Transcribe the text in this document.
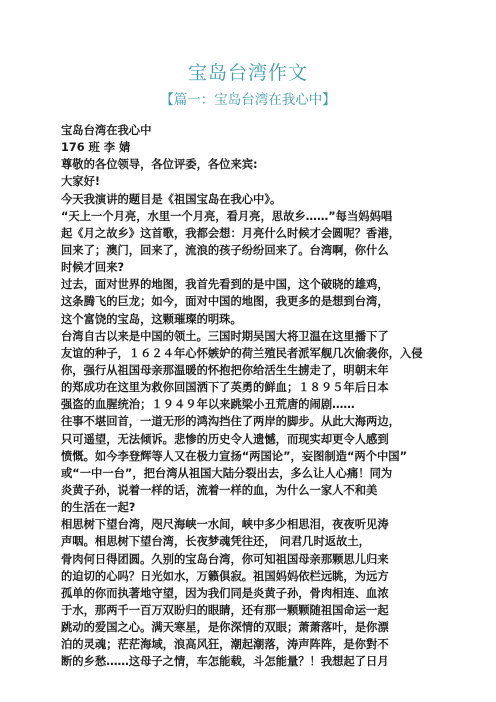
宝岛台湾作文
【篇一：宝岛台湾在我心中】
宝岛台湾在我心中
176 班 李 婧
尊敬的各位领导，各位评委，各位来宾:
大家好!
今天我演讲的题目是《祖国宝岛在我心中》。
“天上一个月亮，水里一个月亮，看月亮，思故乡……”每当妈妈唱
起《月之故乡》这首歌，我都会想：月亮什么时候才会圆呢？香港，
回来了；澳门，回来了，流浪的孩子纷纷回来了。台湾啊，你什么
时候才回来?
过去，面对世界的地图，我首先看到的是中国，这个破晓的雄鸡，
这条腾飞的巨龙；如今，面对中国的地图，我更多的是想到台湾，
这个富饶的宝岛，这颗璀璨的明珠。
台湾自古以来是中国的领土。三国时期吴国大将卫温在这里播下了
友谊的种子，１６２４年心怀嫉妒的荷兰殖民者派军舰几次偷袭你，入侵
你，强行从祖国母亲那温暖的怀抱把你给活生生掳走了，明朝末年
的郑成功在这里为救你回国洒下了英勇的鲜血；１８９５年后日本
强盗的血腥统治；１９４９年以来跳梁小丑荒唐的闹剧……
往事不堪回首，一道无形的鸿沟挡住了两岸的脚步。从此大海两边，
只可遥望，无法倾诉。悲惨的历史令人遗憾，而现实却更令人感到
愤慨。如今李登辉等人又在极力宣扬“两国论”，妄图制造“两个中国”
或“一中一台”，把台湾从祖国大陆分裂出去，多么让人心痛！同为
炎黄子孙，说着一样的话，流着一样的血，为什么一家人不和美
的生活在一起?
相思树下望台湾，咫尺海峡一水间，峡中多少相思泪，夜夜听见涛
声咽。相思树下望台湾，长夜梦魂凭往还， 问君几时返故土，
骨肉何日得团圆。久别的宝岛台湾，你可知祖国母亲那颗思儿归来
的迫切的心吗？日光如水，万籁俱寂。祖国妈妈依栏远眺，为远方
孤单的你而执著地守望，因为我们同是炎黄子孙，骨肉相连、血浓
于水，那两千一百万双盼归的眼睛，还有那一颗颗随祖国命运一起
跳动的爱国之心。满天寒星，是你深情的双眼；萧萧落叶，是你漂
泊的灵魂；茫茫海域，浪高风狂，潮起潮落，涛声阵阵，是你對不
断的乡愁……这母子之情，车怎能载，斗怎能量？！我想起了日月
